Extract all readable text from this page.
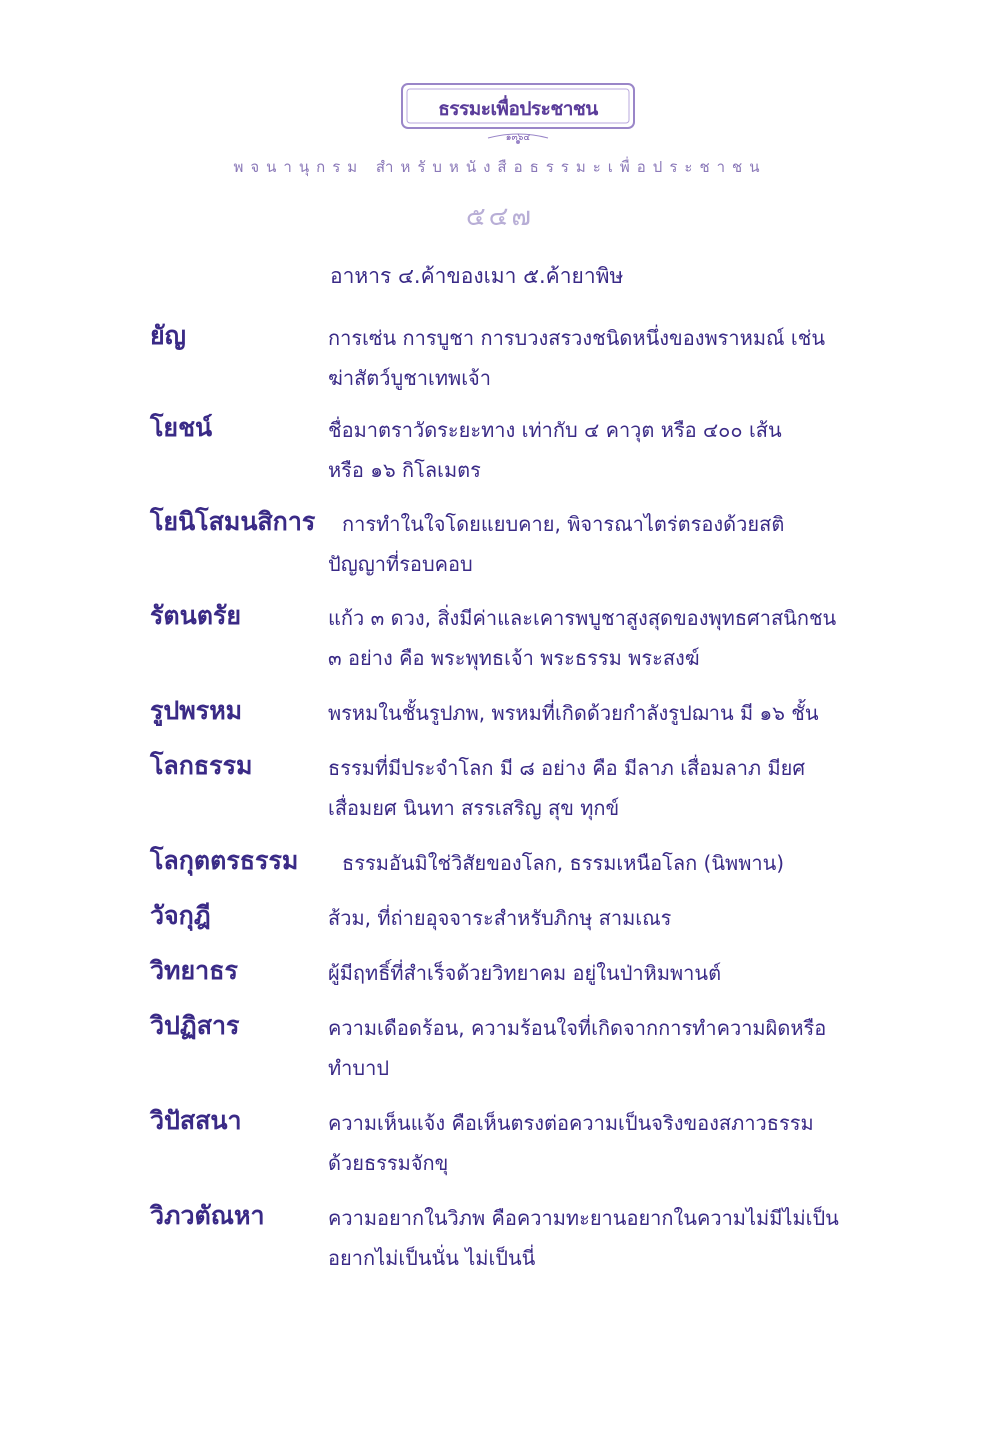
ธรรมะเพื่อประชาชน
๑๓๖๔
พจนานุกรม สำหรับหนังสือธรรมะเพื่อประชาชน
๕๔๗
อาหาร ๔.ค้าของเมา ๕.ค้ายาพิษ
ยัญ	การเซ่น การบูชา การบวงสรวงชนิดหนึ่งของพราหมณ์ เช่น
ฆ่าสัตว์บูชาเทพเจ้า
โยชน์	ชื่อมาตราวัดระยะทาง เท่ากับ ๔ คาวุต หรือ ๔๐๐ เส้น
หรือ ๑๖ กิโลเมตร
โยนิโสมนสิการ การทำในใจโดยแยบคาย, พิจารณาไตร่ตรองด้วยสติ
ปัญญาที่รอบคอบ
รัตนตรัย	แก้ว ๓ ดวง, สิ่งมีค่าและเคารพบูชาสูงสุดของพุทธศาสนิกชน
๓ อย่าง คือ พระพุทธเจ้า พระธรรม พระสงฆ์
รูปพรหม	พรหมในชั้นรูปภพ, พรหมที่เกิดด้วยกำลังรูปฌาน มี ๑๖ ชั้น
โลกธรรม	ธรรมที่มีประจำโลก มี ๘ อย่าง คือ มีลาภ เสื่อมลาภ มียศ
เสื่อมยศ นินทา สรรเสริญ สุข ทุกข์
โลกุตตรธรรม ธรรมอันมิใช่วิสัยของโลก, ธรรมเหนือโลก (นิพพาน)
วัจกุฎี	ส้วม, ที่ถ่ายอุจจาระสำหรับภิกษุ สามเณร
วิทยาธร	ผู้มีฤทธิ์ที่สำเร็จด้วยวิทยาคม อยู่ในป่าหิมพานต์
วิปฏิสาร	ความเดือดร้อน, ความร้อนใจที่เกิดจากการทำความผิดหรือ
ทำบาป
วิปัสสนา	ความเห็นแจ้ง คือเห็นตรงต่อความเป็นจริงของสภาวธรรม
ด้วยธรรมจักขุ
วิภวตัณหา	ความอยากในวิภพ คือความทะยานอยากในความไม่มีไม่เป็น
อยากไม่เป็นนั่น ไม่เป็นนี่
